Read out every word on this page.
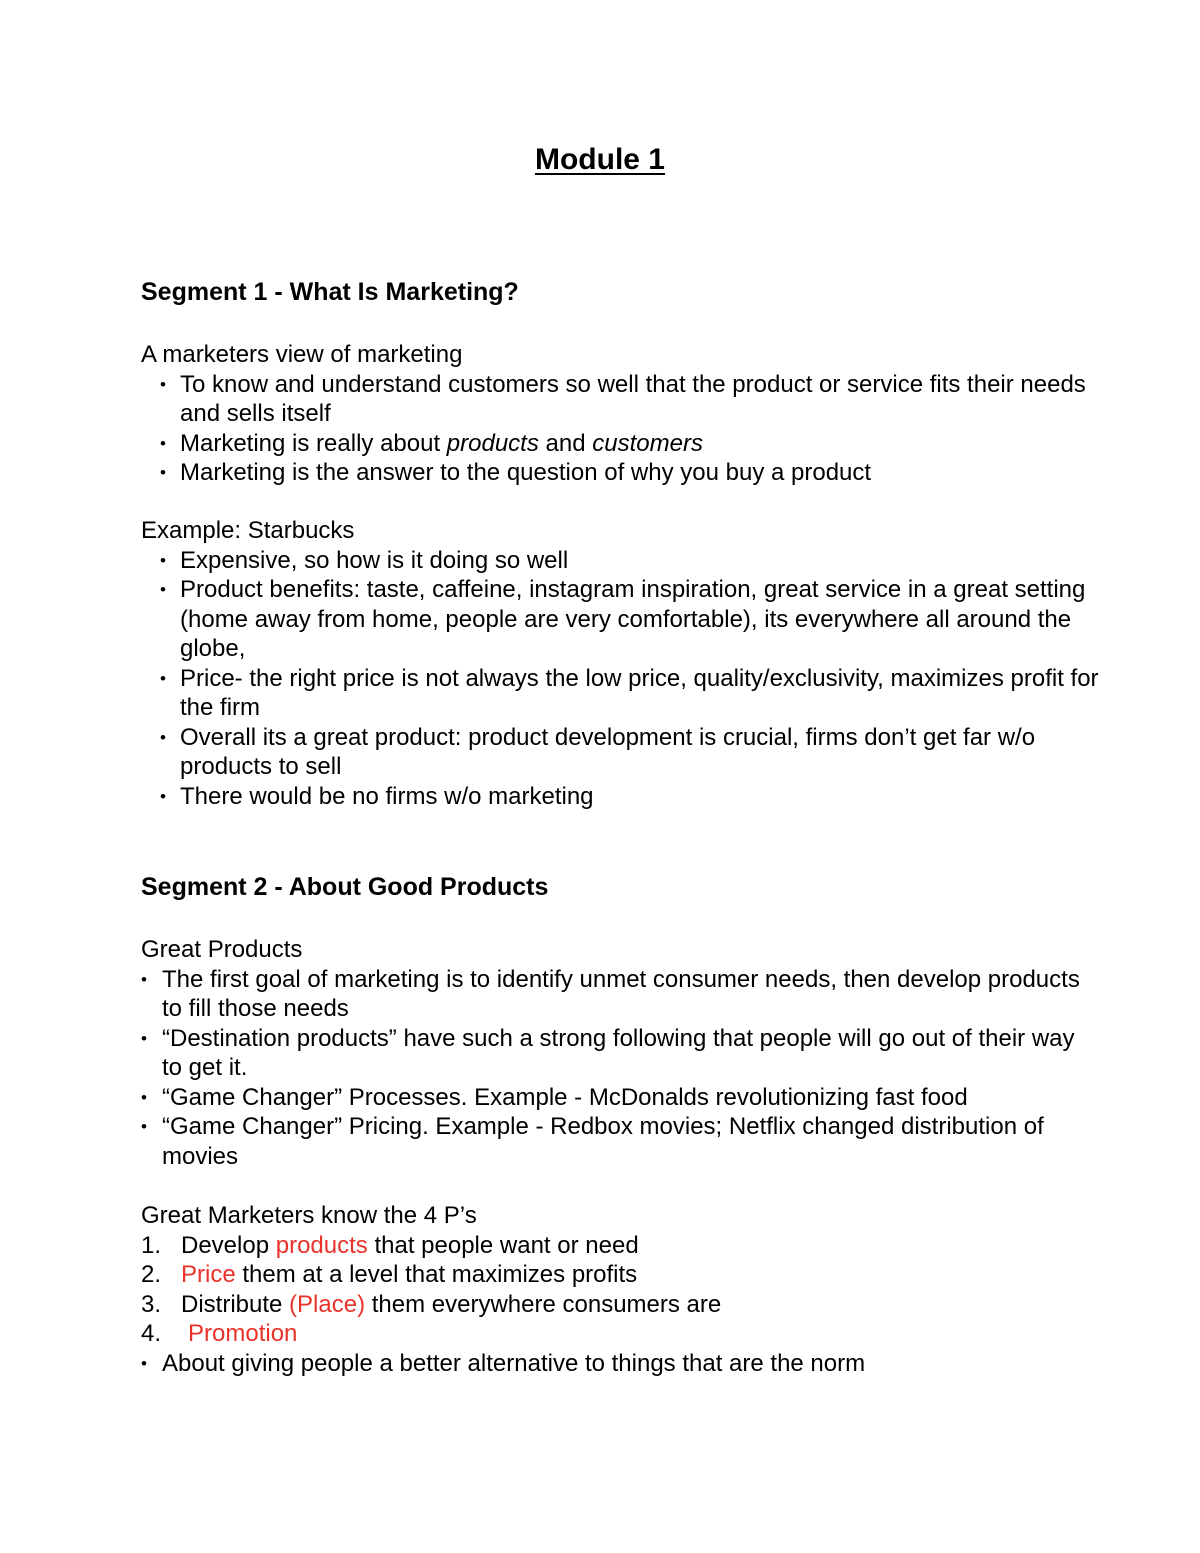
Module 1
Segment 1 - What Is Marketing?

A marketers view of marketing

• To know and understand customers so well that the product or service fits their needs and sells itself
• Marketing is really about products and customers
• Marketing is the answer to the question of why you buy a product

Example: Starbucks

• Expensive, so how is it doing so well
• Product benefits: taste, caffeine, instagram inspiration, great service in a great setting (home away from home, people are very comfortable), its everywhere all around the globe,
• Price- the right price is not always the low price, quality/exclusivity, maximizes profit for the firm
• Overall its a great product: product development is crucial, firms don’t get far w/o products to sell
• There would be no firms w/o marketing
Segment 2 - About Good Products

Great Products

• The first goal of marketing is to identify unmet consumer needs, then develop products to fill those needs
• “Destination products” have such a strong following that people will go out of their way to get it.
• “Game Changer” Processes. Example - McDonalds revolutionizing fast food
• “Game Changer” Pricing. Example - Redbox movies; Netflix changed distribution of movies

Great Marketers know the 4 P’s

1. Develop products that people want or need
2. Price them at a level that maximizes profits
3. Distribute (Place) them everywhere consumers are
4. Promotion
• About giving people a better alternative to things that are the norm
